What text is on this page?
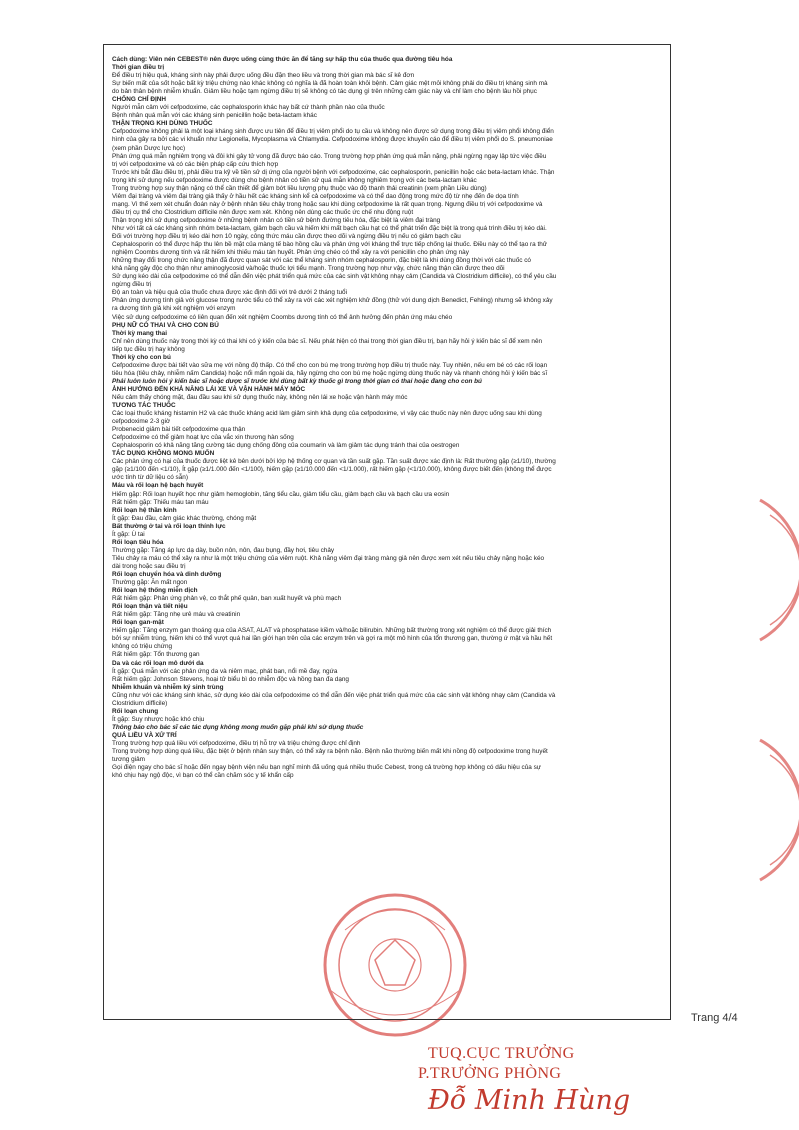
Cách dùng: Viên nén CEBEST® nên được uống cùng thức ăn để tăng sự hấp thu của thuốc qua đường tiêu hóa

Thời gian điều trị

Để điều trị hiệu quả, kháng sinh này phải được uống đều đặn theo liều và trong thời gian mà bác sĩ kê đơn

Sự biến mất của sốt hoặc bất kỳ triệu chứng nào khác không có nghĩa là đã hoàn toàn khỏi bệnh. Cảm giác mệt mỏi không phải do điều trị kháng sinh mà

do bản thân bệnh nhiễm khuẩn. Giảm liều hoặc tạm ngừng điều trị sẽ không có tác dụng gì trên những cảm giác này và chỉ làm cho bệnh lâu hồi phục

CHỐNG CHỈ ĐỊNH

Người mẫn cảm với cefpodoxime, các cephalosporin khác hay bất cứ thành phần nào của thuốc

Bệnh nhân quá mẫn với các kháng sinh penicillin hoặc beta-lactam khác

THẬN TRỌNG KHI DÙNG THUỐC

Cefpodoxime không phải là một loại kháng sinh được ưu tiên để điều trị viêm phổi do tụ cầu và không nên được sử dụng trong điều trị viêm phổi không điển

hình của gây ra bởi các vi khuẩn như Legionella, Mycoplasma và Chlamydia. Cefpodoxime không được khuyến cáo để điều trị viêm phổi do S. pneumoniae

(xem phần Dược lực học)

Phản ứng quá mẫn nghiêm trọng và đôi khi gây tử vong đã được báo cáo. Trong trường hợp phản ứng quá mẫn nặng, phải ngừng ngay lập tức việc điều

trị với cefpodoxime và có các biện pháp cấp cứu thích hợp

Trước khi bắt đầu điều trị, phải điều tra kỹ về tiền sử dị ứng của người bệnh với cefpodoxime, các cephalosporin, penicillin hoặc các beta-lactam khác. Thận

trọng khi sử dụng nếu cefpodoxime được dùng cho bệnh nhân có tiền sử quá mẫn không nghiêm trọng với các beta-lactam khác

Trong trường hợp suy thận nặng có thể cần thiết để giảm bớt liều lượng phụ thuộc vào độ thanh thải creatinin (xem phần Liều dùng)

Viêm đại tràng và viêm đại tràng giả thấy ở hầu hết các kháng sinh kể cả cefpodoxime và có thể dao động trong mức độ từ nhẹ đến đe dọa tính

mạng. Vì thế xem xét chuẩn đoán này ở bệnh nhân tiêu chảy trong hoặc sau khi dùng cefpodoxime là rất quan trọng. Ngưng điều trị với cefpodoxime và

điều trị cụ thể cho Clostridium difficile nên được xem xét. Không nên dùng các thuốc ức chế nhu động ruột

Thận trọng khi sử dụng cefpodoxime ở những bệnh nhân có tiền sử bệnh đường tiêu hóa, đặc biệt là viêm đại tràng

Như với tất cả các kháng sinh nhóm beta-lactam, giảm bạch cầu và hiếm khi mất bạch cầu hạt có thể phát triển đặc biệt là trong quá trình điều trị kéo dài.

Đối với trường hợp điều trị kéo dài hơn 10 ngày, công thức máu cần được theo dõi và ngừng điều trị nếu có giảm bạch cầu

Cephalosporin có thể được hấp thu lên bề mặt của màng tế bào hồng cầu và phản ứng với kháng thể trực tiếp chống lại thuốc. Điều này có thể tạo ra thử

nghiệm Coombs dương tính và rất hiếm khi thiếu máu tán huyết. Phản ứng chéo có thể xảy ra với penicillin cho phản ứng này

Những thay đổi trong chức năng thận đã được quan sát với các thể kháng sinh nhóm cephalosporin, đặc biệt là khi dùng đồng thời với các thuốc có

khả năng gây độc cho thận như aminoglycosid và/hoặc thuốc lợi tiểu mạnh. Trong trường hợp như vậy, chức năng thận cần được theo dõi

Sử dụng kéo dài của cefpodoxime có thể dẫn đến việc phát triển quá mức của các sinh vật không nhạy cảm (Candida và Clostridium difficile), có thể yêu cầu

ngừng điều trị

Độ an toàn và hiệu quả của thuốc chưa được xác định đối với trẻ dưới 2 tháng tuổi

Phản ứng dương tính giả với glucose trong nước tiểu có thể xảy ra với các xét nghiệm khử đồng (thử với dung dịch Benedict, Fehling) nhưng sẽ không xảy

ra dương tính giả khi xét nghiệm với enzym

Việc sử dụng cefpodoxime có liên quan đến xét nghiệm Coombs dương tính có thể ảnh hưởng đến phản ứng máu chéo

PHỤ NỮ CÓ THAI VÀ CHO CON BÚ

Thời kỳ mang thai

Chỉ nên dùng thuốc này trong thời kỳ có thai khi có ý kiến của bác sĩ. Nếu phát hiện có thai trong thời gian điều trị, bạn hãy hỏi ý kiến bác sĩ để xem nên

tiếp tục điều trị hay không

Thời kỳ cho con bú

Cefpodoxime được bài tiết vào sữa mẹ với nồng độ thấp. Có thể cho con bú mẹ trong trường hợp điều trị thuốc này. Tuy nhiên, nếu em bé có các rối loạn

tiêu hóa (tiêu chảy, nhiễm nấm Candida) hoặc nổi mẩn ngoài da, hãy ngừng cho con bú mẹ hoặc ngừng dùng thuốc này và nhanh chóng hỏi ý kiến bác sĩ

Phải luôn luôn hỏi ý kiến bác sĩ hoặc dược sĩ trước khi dùng bất kỳ thuốc gì trong thời gian có thai hoặc đang cho con bú

ẢNH HƯỞNG ĐẾN KHẢ NĂNG LÁI XE VÀ VẬN HÀNH MÁY MÓC

Nếu cảm thấy chóng mặt, đau đầu sau khi sử dụng thuốc này, không nên lái xe hoặc vận hành máy móc

TƯƠNG TÁC THUỐC

Các loại thuốc kháng histamin H2 và các thuốc kháng acid làm giảm sinh khả dụng của cefpodoxime, vì vậy các thuốc này nên được uống sau khi dùng

cefpodoxime 2-3 giờ

Probenecid giảm bài tiết cefpodoxime qua thận

Cefpodoxime có thể giảm hoạt lực của vắc xin thương hàn sống

Cephalosporin có khả năng tăng cường tác dụng chống đông của coumarin và làm giảm tác dụng tránh thai của oestrogen

TÁC DỤNG KHÔNG MONG MUỐN

Các phản ứng có hại của thuốc được liệt kê bên dưới bởi lớp hệ thống cơ quan và tần suất gặp. Tần suất được xác định là: Rất thường gặp (≥1/10), thường

gặp (≥1/100 đến <1/10), Ít gặp (≥1/1.000 đến <1/100), hiếm gặp (≥1/10.000 đến <1/1.000), rất hiếm gặp (<1/10.000), không được biết đến (không thể được

ước tính từ dữ liệu có sẵn)

Máu và rối loạn hệ bạch huyết

Hiếm gặp: Rối loạn huyết học như giảm hemoglobin, tăng tiểu cầu, giảm tiểu cầu, giảm bạch cầu và bạch cầu ưa eosin

Rất hiếm gặp: Thiếu máu tan máu

Rối loạn hệ thần kinh

Ít gặp: Đau đầu, cảm giác khác thường, chóng mặt

Bất thường ở tai và rối loạn thính lực

Ít gặp: Ù tai

Rối loạn tiêu hóa

Thường gặp: Tăng áp lực dạ dày, buồn nôn, nôn, đau bụng, đầy hơi, tiêu chảy

Tiêu chảy ra máu có thể xảy ra như là một triệu chứng của viêm ruột. Khả năng viêm đại tràng màng giả nên được xem xét nếu tiêu chảy nặng hoặc kéo

dài trong hoặc sau điều trị

Rối loạn chuyển hóa và dinh dưỡng

Thường gặp: Ăn mất ngon

Rối loạn hệ thống miễn dịch

Rất hiếm gặp: Phản ứng phản vệ, co thắt phế quản, ban xuất huyết và phù mạch

Rối loạn thận và tiết niệu

Rất hiếm gặp: Tăng nhẹ urê máu và creatinin

Rối loạn gan-mật

Hiếm gặp: Tăng enzym gan thoáng qua của ASAT, ALAT và phosphatase kiềm và/hoặc bilirubin. Những bất thường trong xét nghiệm có thể được giải thích

bởi sự nhiễm trùng, hiếm khi có thể vượt quá hai lần giới hạn trên của các enzym trên và gợi ra một mô hình của tổn thương gan, thường ứ mật và hầu hết

không có triệu chứng

Rất hiếm gặp: Tổn thương gan

Da và các rối loạn mô dưới da

Ít gặp: Quá mẫn với các phản ứng da và niêm mạc, phát ban, nổi mề đay, ngứa

Rất hiếm gặp: Johnson Stevens, hoại tử biểu bì do nhiễm độc và hồng ban đa dạng

Nhiễm khuẩn và nhiễm ký sinh trùng

Cũng như với các kháng sinh khác, sử dụng kéo dài của cefpodoxime có thể dẫn đến việc phát triển quá mức của các sinh vật không nhạy cảm (Candida và

Clostridium difficile)

Rối loạn chung

Ít gặp: Suy nhược hoặc khó chịu

Thông báo cho bác sĩ các tác dụng không mong muốn gặp phải khi sử dụng thuốc

QUÁ LIỀU VÀ XỬ TRÍ

Trong trường hợp quá liều với cefpodoxime, điều trị hỗ trợ và triệu chứng được chỉ định

Trong trường hợp dùng quá liều, đặc biệt ở bệnh nhân suy thận, có thể xảy ra bệnh não. Bệnh não thường biến mất khi nồng độ cefpodoxime trong huyết

tương giảm

Gọi điện ngay cho bác sĩ hoặc đến ngay bệnh viện nếu bạn nghĩ mình đã uống quá nhiều thuốc Cebest, trong cả trường hợp không có dấu hiệu của sự

khó chịu hay ngộ độc, vì bạn có thể cần chăm sóc y tế khẩn cấp

Trang 4/4
TUQ.CỤC TRƯỞNG
P.TRƯỞNG PHÒNG
Đỗ Minh Hùng
